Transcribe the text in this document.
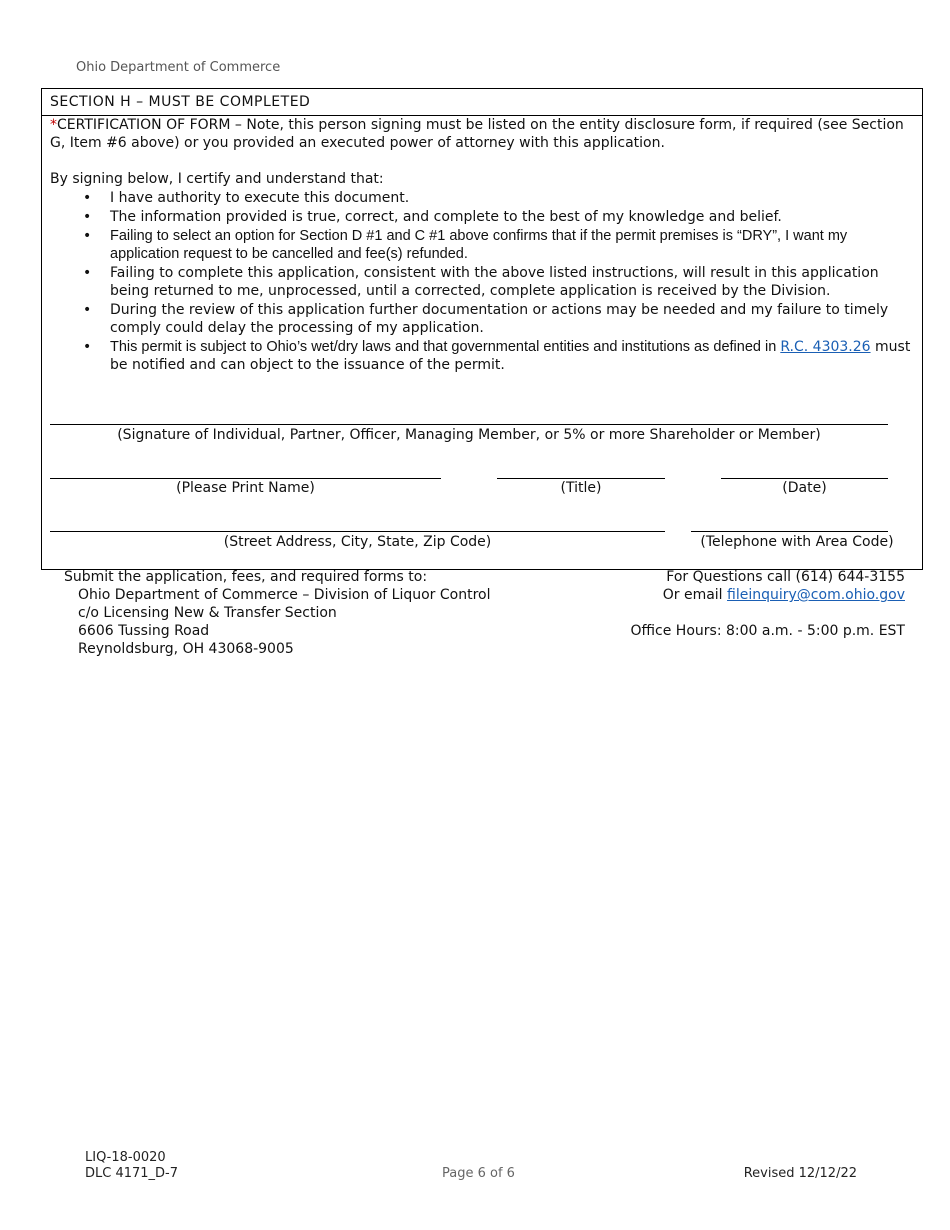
Ohio Department of Commerce
SECTION H – MUST BE COMPLETED
*CERTIFICATION OF FORM – Note, this person signing must be listed on the entity disclosure form, if required (see Section G, Item #6 above) or you provided an executed power of attorney with this application.
By signing below, I certify and understand that:
• I have authority to execute this document.
• The information provided is true, correct, and complete to the best of my knowledge and belief.
• Failing to select an option for Section D #1 and C #1 above confirms that if the permit premises is “DRY”, I want my application request to be cancelled and fee(s) refunded.
• Failing to complete this application, consistent with the above listed instructions, will result in this application being returned to me, unprocessed, until a corrected, complete application is received by the Division.
• During the review of this application further documentation or actions may be needed and my failure to timely comply could delay the processing of my application.
• This permit is subject to Ohio’s wet/dry laws and that governmental entities and institutions as defined in R.C. 4303.26 must be notified and can object to the issuance of the permit.
(Signature of Individual, Partner, Officer, Managing Member, or 5% or more Shareholder or Member)
(Please Print Name)	(Title)	(Date)
(Street Address, City, State, Zip Code)	(Telephone with Area Code)
Submit the application, fees, and required forms to:
Ohio Department of Commerce – Division of Liquor Control
c/o Licensing New & Transfer Section
6606 Tussing Road
Reynoldsburg, OH 43068-9005
For Questions call (614) 644-3155
Or email fileinquiry@com.ohio.gov
Office Hours: 8:00 a.m. - 5:00 p.m. EST
LIQ-18-0020
DLC 4171_D-7	Page 6 of 6	Revised 12/12/22
